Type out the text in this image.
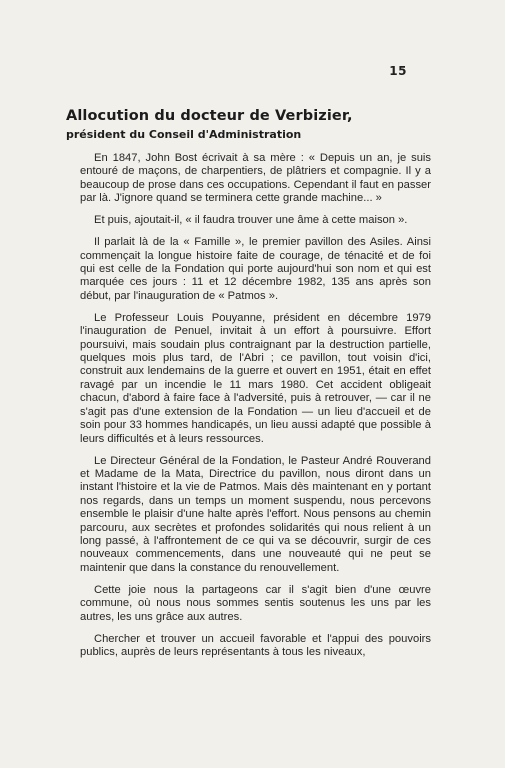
15
Allocution du docteur de Verbizier,
président du Conseil d'Administration

En 1847, John Bost écrivait à sa mère : « Depuis un an, je suis entouré de maçons, de charpentiers, de plâtriers et compagnie. Il y a beaucoup de prose dans ces occupations. Cependant il faut en passer par là. J'ignore quand se terminera cette grande machine... »

Et puis, ajoutait-il, « il faudra trouver une âme à cette maison ».

Il parlait là de la « Famille », le premier pavillon des Asiles. Ainsi commençait la longue histoire faite de courage, de ténacité et de foi qui est celle de la Fondation qui porte aujourd'hui son nom et qui est marquée ces jours : 11 et 12 décembre 1982, 135 ans après son début, par l'inauguration de « Patmos ».

Le Professeur Louis Pouyanne, président en décembre 1979 l'inauguration de Penuel, invitait à un effort à poursuivre. Effort poursuivi, mais soudain plus contraignant par la destruction partielle, quelques mois plus tard, de l'Abri ; ce pavillon, tout voisin d'ici, construit aux lendemains de la guerre et ouvert en 1951, était en effet ravagé par un incendie le 11 mars 1980. Cet accident obligeait chacun, d'abord à faire face à l'adversité, puis à retrouver, — car il ne s'agit pas d'une extension de la Fondation — un lieu d'accueil et de soin pour 33 hommes handicapés, un lieu aussi adapté que possible à leurs difficultés et à leurs ressources.

Le Directeur Général de la Fondation, le Pasteur André Rouverand et Madame de la Mata, Directrice du pavillon, nous diront dans un instant l'histoire et la vie de Patmos. Mais dès maintenant en y portant nos regards, dans un temps un moment suspendu, nous percevons ensemble le plaisir d'une halte après l'effort. Nous pensons au chemin parcouru, aux secrètes et profondes solidarités qui nous relient à un long passé, à l'affrontement de ce qui va se découvrir, surgir de ces nouveaux commencements, dans une nouveauté qui ne peut se maintenir que dans la constance du renouvellement.

Cette joie nous la partageons car il s'agit bien d'une œuvre commune, où nous nous sommes sentis soutenus les uns par les autres, les uns grâce aux autres.

Chercher et trouver un accueil favorable et l'appui des pouvoirs publics, auprès de leurs représentants à tous les niveaux,
